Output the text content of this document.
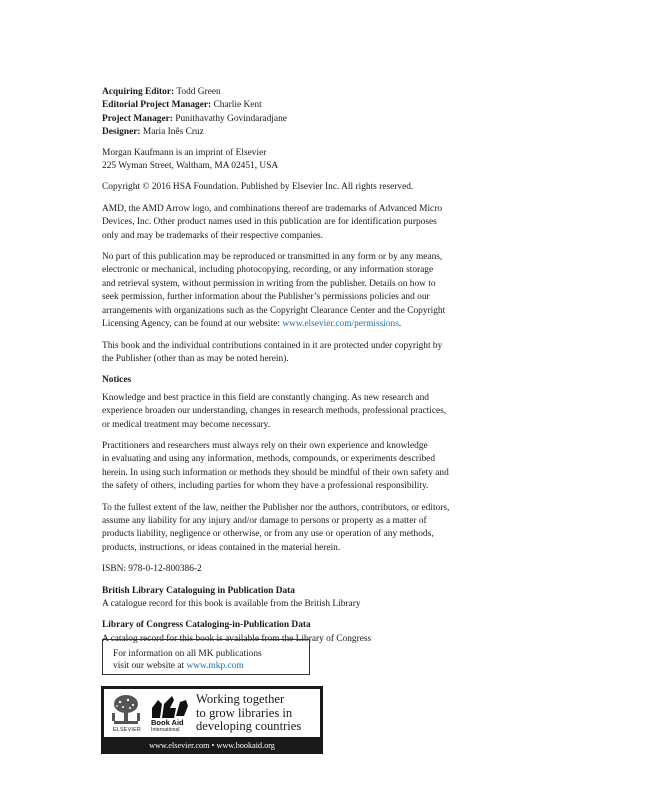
Acquiring Editor: Todd Green
Editorial Project Manager: Charlie Kent
Project Manager: Punithavathy Govindaradjane
Designer: Maria Inês Cruz
Morgan Kaufmann is an imprint of Elsevier
225 Wyman Street, Waltham, MA 02451, USA
Copyright © 2016 HSA Foundation. Published by Elsevier Inc. All rights reserved.
AMD, the AMD Arrow logo, and combinations thereof are trademarks of Advanced Micro
Devices, Inc. Other product names used in this publication are for identification purposes
only and may be trademarks of their respective companies.
No part of this publication may be reproduced or transmitted in any form or by any means,
electronic or mechanical, including photocopying, recording, or any information storage
and retrieval system, without permission in writing from the publisher. Details on how to
seek permission, further information about the Publisher’s permissions policies and our
arrangements with organizations such as the Copyright Clearance Center and the Copyright
Licensing Agency, can be found at our website: www.elsevier.com/permissions.
This book and the individual contributions contained in it are protected under copyright by
the Publisher (other than as may be noted herein).
Notices
Knowledge and best practice in this field are constantly changing. As new research and
experience broaden our understanding, changes in research methods, professional practices,
or medical treatment may become necessary.
Practitioners and researchers must always rely on their own experience and knowledge
in evaluating and using any information, methods, compounds, or experiments described
herein. In using such information or methods they should be mindful of their own safety and
the safety of others, including parties for whom they have a professional responsibility.
To the fullest extent of the law, neither the Publisher nor the authors, contributors, or editors,
assume any liability for any injury and/or damage to persons or property as a matter of
products liability, negligence or otherwise, or from any use or operation of any methods,
products, instructions, or ideas contained in the material herein.
ISBN: 978-0-12-800386-2
British Library Cataloguing in Publication Data
A catalogue record for this book is available from the British Library
Library of Congress Cataloging-in-Publication Data
A catalog record for this book is available from the Library of Congress
For information on all MK publications
visit our website at www.mkp.com
ELSEVIER
Book Aid
International
Working together
to grow libraries in
developing countries
www.elsevier.com • www.bookaid.org
